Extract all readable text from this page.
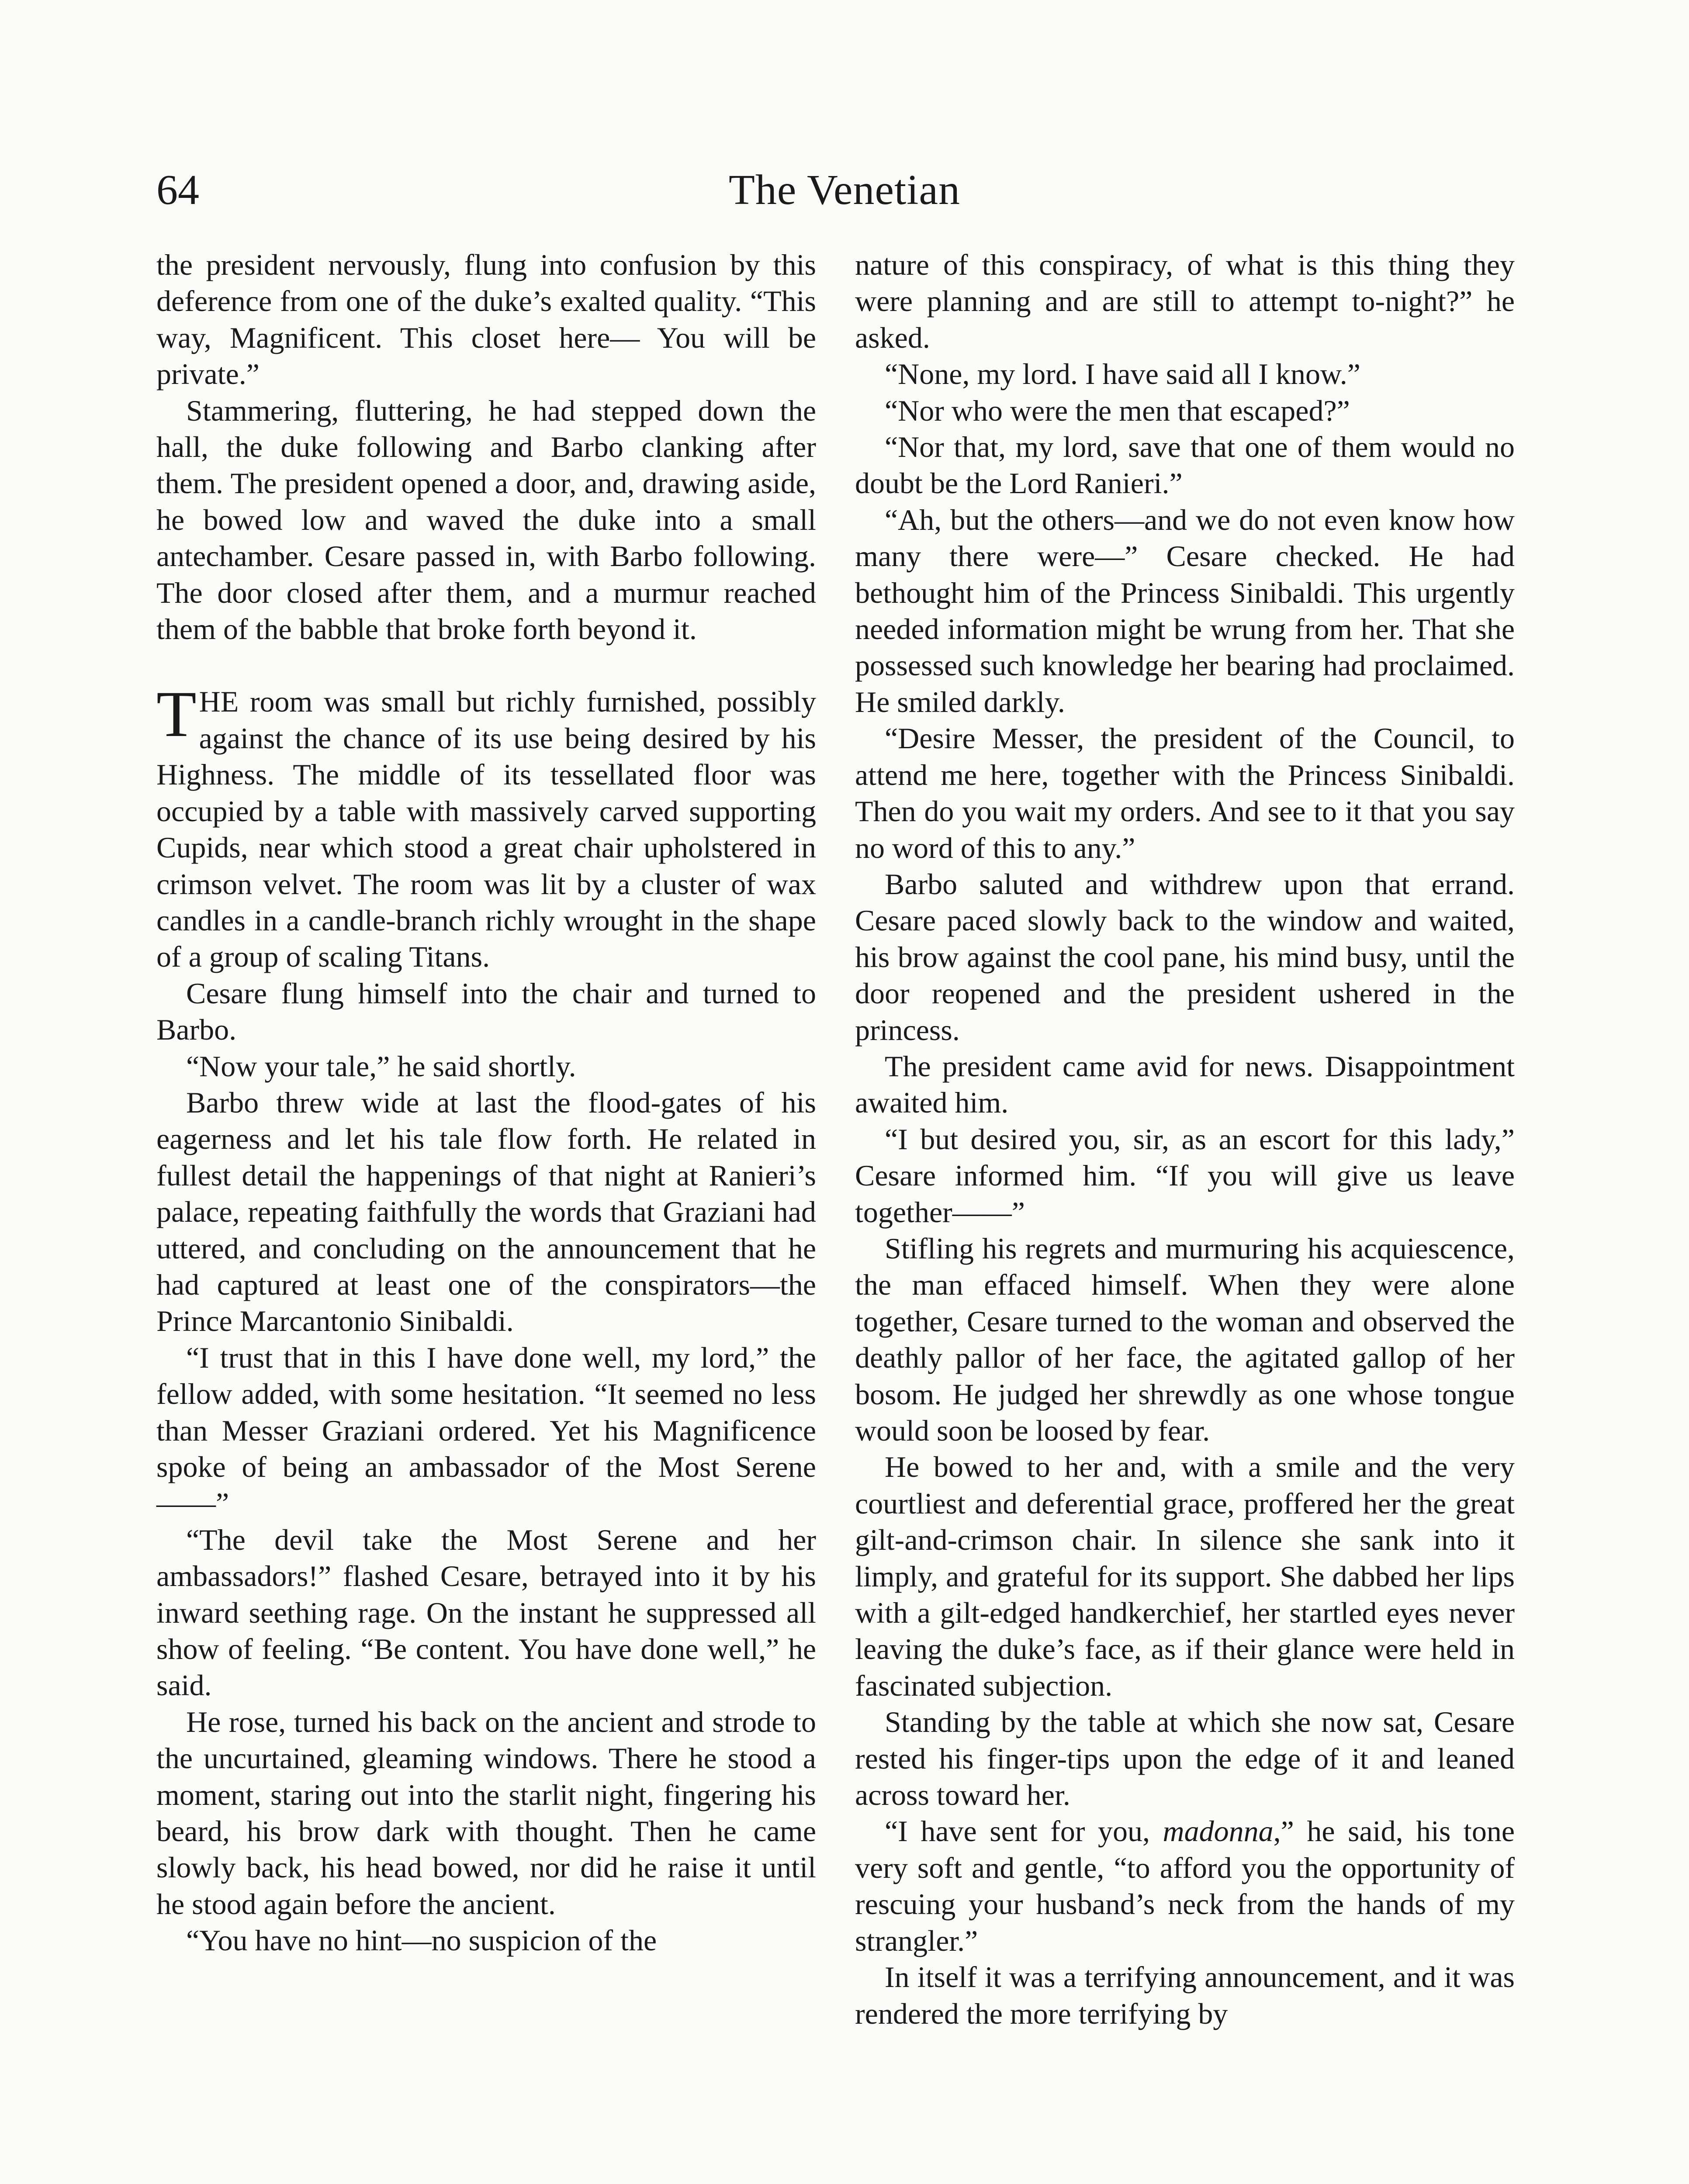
64	The Venetian

the president nervously, flung into confusion by this deference from one of the duke’s exalted quality. “This way, Magnificent. This closet here— You will be private.”

Stammering, fluttering, he had stepped down the hall, the duke following and Barbo clanking after them. The president opened a door, and, drawing aside, he bowed low and waved the duke into a small antechamber. Cesare passed in, with Barbo following. The door closed after them, and a murmur reached them of the babble that broke forth beyond it.

THE room was small but richly furnished, possibly against the chance of its use being desired by his Highness. The middle of its tessellated floor was occupied by a table with massively carved supporting Cupids, near which stood a great chair upholstered in crimson velvet. The room was lit by a cluster of wax candles in a candle-branch richly wrought in the shape of a group of scaling Titans.

Cesare flung himself into the chair and turned to Barbo.

“Now your tale,” he said shortly.

Barbo threw wide at last the flood-gates of his eagerness and let his tale flow forth. He related in fullest detail the happenings of that night at Ranieri’s palace, repeating faithfully the words that Graziani had uttered, and concluding on the announcement that he had captured at least one of the conspirators—the Prince Marcantonio Sinibaldi.

“I trust that in this I have done well, my lord,” the fellow added, with some hesitation. “It seemed no less than Messer Graziani ordered. Yet his Magnificence spoke of being an ambassador of the Most Serene——”

“The devil take the Most Serene and her ambassadors!” flashed Cesare, betrayed into it by his inward seething rage. On the instant he suppressed all show of feeling. “Be content. You have done well,” he said.

He rose, turned his back on the ancient and strode to the uncurtained, gleaming windows. There he stood a moment, staring out into the starlit night, fingering his beard, his brow dark with thought. Then he came slowly back, his head bowed, nor did he raise it until he stood again before the ancient.

“You have no hint—no suspicion of the

nature of this conspiracy, of what is this thing they were planning and are still to attempt to-night?” he asked.

“None, my lord. I have said all I know.”

“Nor who were the men that escaped?”

“Nor that, my lord, save that one of them would no doubt be the Lord Ranieri.”

“Ah, but the others—and we do not even know how many there were—” Cesare checked. He had bethought him of the Princess Sinibaldi. This urgently needed information might be wrung from her. That she possessed such knowledge her bearing had proclaimed. He smiled darkly.

“Desire Messer, the president of the Council, to attend me here, together with the Princess Sinibaldi. Then do you wait my orders. And see to it that you say no word of this to any.”

Barbo saluted and withdrew upon that errand. Cesare paced slowly back to the window and waited, his brow against the cool pane, his mind busy, until the door reopened and the president ushered in the princess.

The president came avid for news. Disappointment awaited him.

“I but desired you, sir, as an escort for this lady,” Cesare informed him. “If you will give us leave together——”

Stifling his regrets and murmuring his acquiescence, the man effaced himself. When they were alone together, Cesare turned to the woman and observed the deathly pallor of her face, the agitated gallop of her bosom. He judged her shrewdly as one whose tongue would soon be loosed by fear.

He bowed to her and, with a smile and the very courtliest and deferential grace, proffered her the great gilt-and-crimson chair. In silence she sank into it limply, and grateful for its support. She dabbed her lips with a gilt-edged handkerchief, her startled eyes never leaving the duke’s face, as if their glance were held in fascinated subjection.

Standing by the table at which she now sat, Cesare rested his finger-tips upon the edge of it and leaned across toward her.

“I have sent for you, madonna,” he said, his tone very soft and gentle, “to afford you the opportunity of rescuing your husband’s neck from the hands of my strangler.”

In itself it was a terrifying announcement, and it was rendered the more terrifying by
